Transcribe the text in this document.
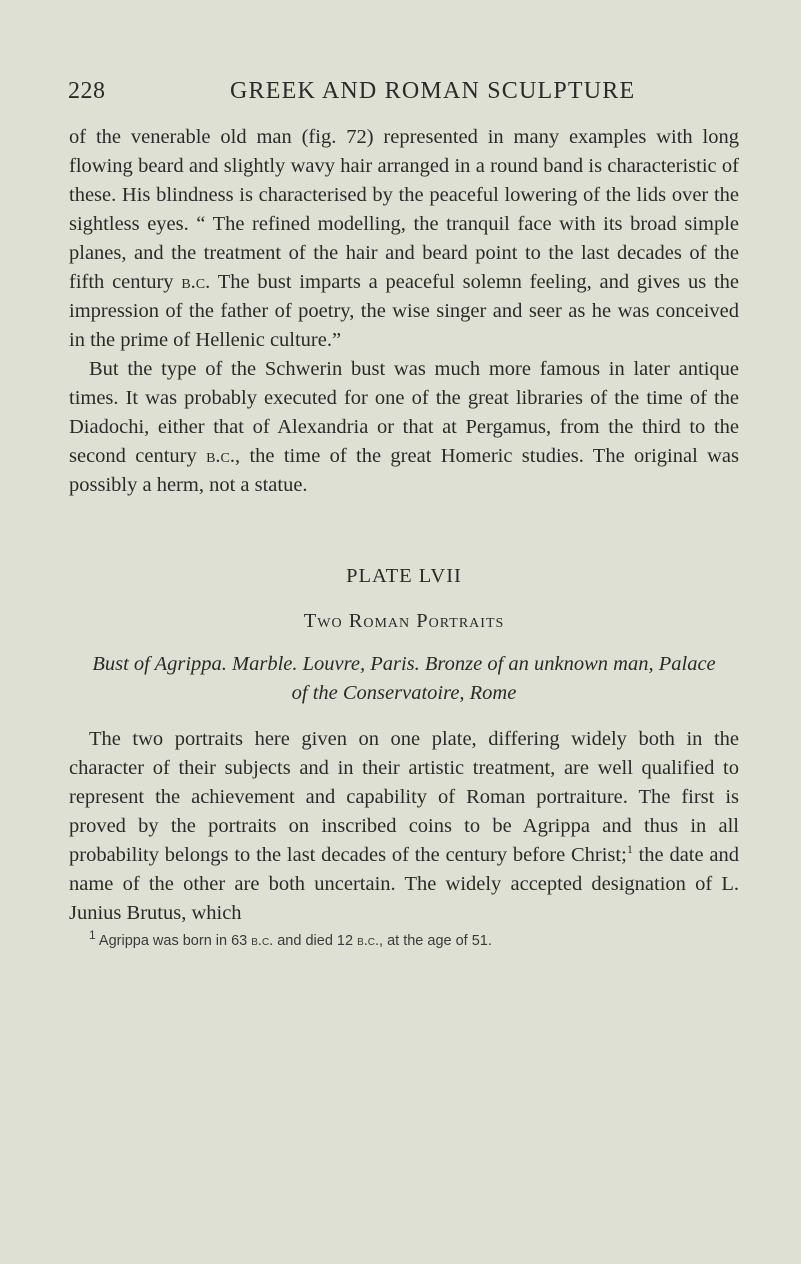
228	GREEK AND ROMAN SCULPTURE

of the venerable old man (fig. 72) represented in many examples with long flowing beard and slightly wavy hair arranged in a round band is characteristic of these. His blindness is characterised by the peaceful lowering of the lids over the sightless eyes. “ The refined modelling, the tranquil face with its broad simple planes, and the treatment of the hair and beard point to the last decades of the fifth century b.c. The bust imparts a peaceful solemn feeling, and gives us the impression of the father of poetry, the wise singer and seer as he was conceived in the prime of Hellenic culture.”

But the type of the Schwerin bust was much more famous in later antique times. It was probably executed for one of the great libraries of the time of the Diadochi, either that of Alexandria or that at Pergamus, from the third to the second century b.c., the time of the great Homeric studies. The original was possibly a herm, not a statue.

PLATE LVII
Two Roman Portraits
Bust of Agrippa. Marble. Louvre, Paris. Bronze of an unknown man, Palace of the Conservatoire, Rome

The two portraits here given on one plate, differing widely both in the character of their subjects and in their artistic treatment, are well qualified to represent the achievement and capability of Roman portraiture. The first is proved by the portraits on inscribed coins to be Agrippa and thus in all probability belongs to the last decades of the century before Christ;$^1$ the date and name of the other are both uncertain. The widely accepted designation of L. Junius Brutus, which

$^1$ Agrippa was born in 63 b.c. and died 12 b.c., at the age of 51.
